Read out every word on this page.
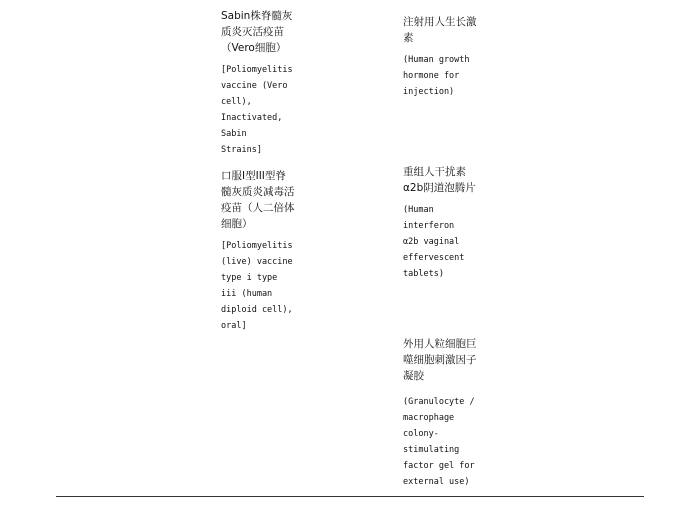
Sabin株脊髓灰
质炎灭活疫苗
（Vero细胞）

[Poliomyelitis
vaccine (Vero
cell),
Inactivated,
Sabin
Strains]

口服I型III型脊
髓灰质炎减毒活
疫苗（人二倍体
细胞）

[Poliomyelitis
(live) vaccine
type i type
iii (human
diploid cell),
oral]

注射用人生长激
素

(Human growth
hormone for
injection)

重组人干扰素
α2b阴道泡腾片

(Human
interferon
α2b vaginal
effervescent
tablets)

外用人粒细胞巨
噬细胞刺激因子
凝胶

(Granulocyte /
macrophage
colony-
stimulating
factor gel for
external use)
